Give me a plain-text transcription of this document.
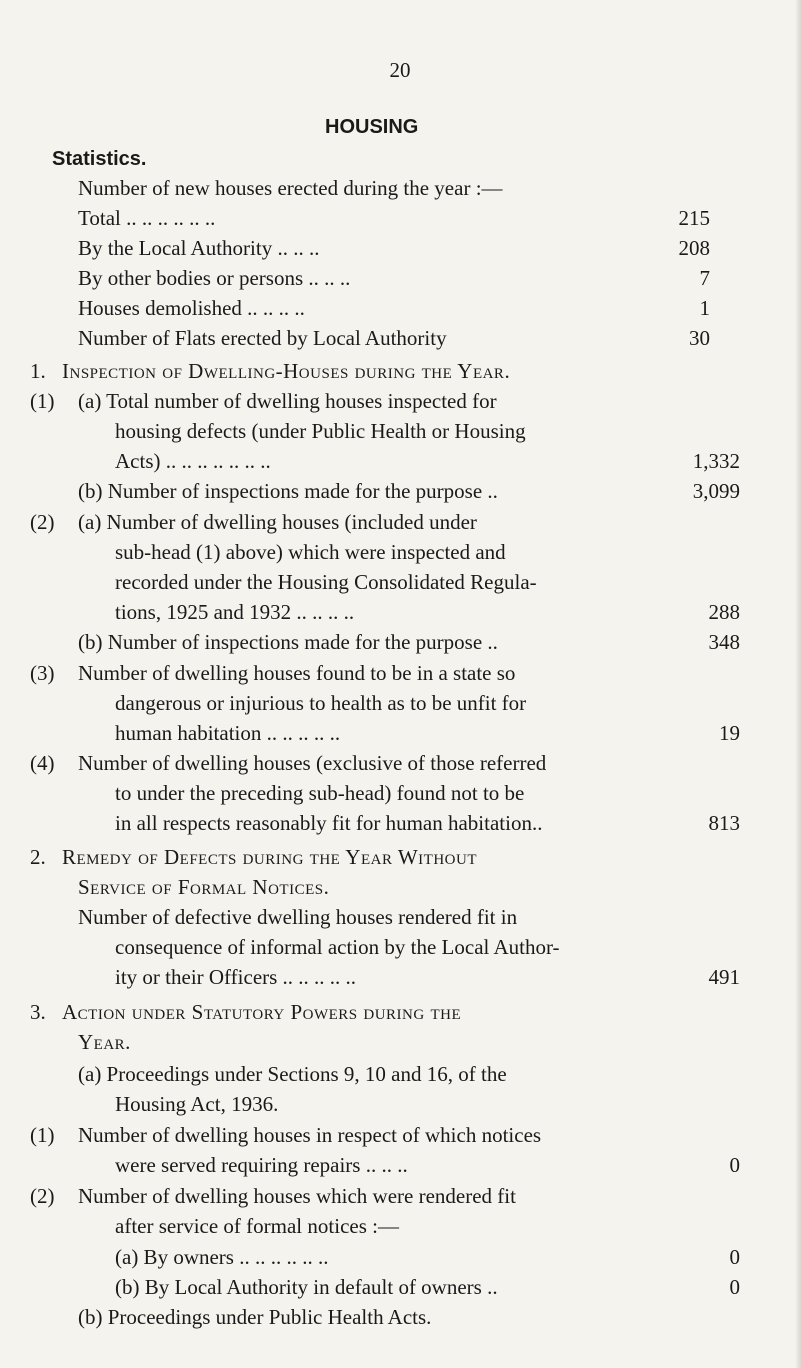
20
HOUSING
Statistics.
Number of new houses erected during the year :—
Total .. .. .. .. .. ..	215
By the Local Authority .. .. ..	208
By other bodies or persons .. .. ..	7
Houses demolished .. .. .. ..	1
Number of Flats erected by Local Authority	30
1. Inspection of Dwelling-Houses during the Year.
(1) (a) Total number of dwelling houses inspected for
housing defects (under Public Health or Housing
Acts) .. .. .. .. .. .. ..	1,332
(b) Number of inspections made for the purpose ..	3,099
(2) (a) Number of dwelling houses (included under
sub-head (1) above) which were inspected and
recorded under the Housing Consolidated Regula-
tions, 1925 and 1932 .. .. .. ..	288
(b) Number of inspections made for the purpose ..	348
(3) Number of dwelling houses found to be in a state so
dangerous or injurious to health as to be unfit for
human habitation .. .. .. .. ..	19
(4) Number of dwelling houses (exclusive of those referred
to under the preceding sub-head) found not to be
in all respects reasonably fit for human habitation..	813
2. Remedy of Defects during the Year Without
Service of Formal Notices.
Number of defective dwelling houses rendered fit in
consequence of informal action by the Local Author-
ity or their Officers .. .. .. .. ..	491
3. Action under Statutory Powers during the
Year.
(a) Proceedings under Sections 9, 10 and 16, of the
Housing Act, 1936.
(1) Number of dwelling houses in respect of which notices
were served requiring repairs .. .. ..	0
(2) Number of dwelling houses which were rendered fit
after service of formal notices :—
(a) By owners .. .. .. .. .. ..	0
(b) By Local Authority in default of owners ..	0
(b) Proceedings under Public Health Acts.
